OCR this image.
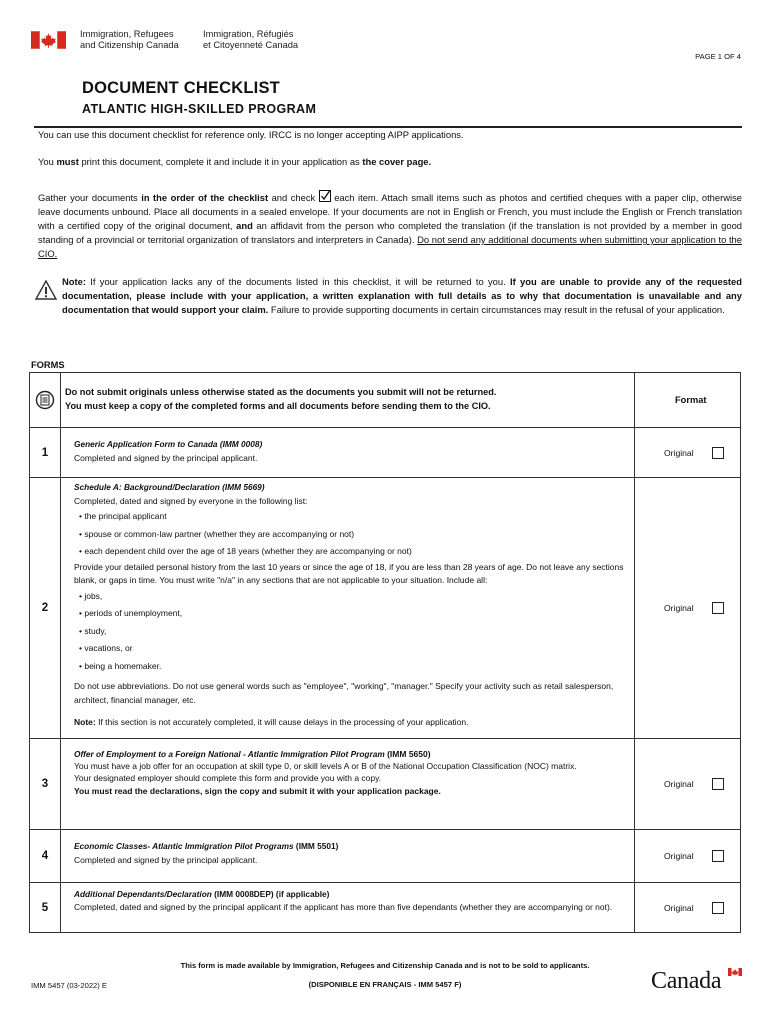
Immigration, Refugees
and Citizenship Canada
Immigration, Réfugiés
et Citoyenneté Canada
PAGE 1 OF 4
DOCUMENT CHECKLIST
ATLANTIC HIGH-SKILLED PROGRAM
You can use this document checklist for reference only. IRCC is no longer accepting AIPP applications.
You must print this document, complete it and include it in your application as the cover page.
Gather your documents in the order of the checklist and check  each item. Attach small items such as photos and certified cheques with a paper clip, otherwise leave documents unbound. Place all documents in a sealed envelope. If your documents are not in English or French, you must include the English or French translation with a certified copy of the original document, and an affidavit from the person who completed the translation (if the translation is not provided by a member in good standing of a provincial or territorial organization of translators and interpreters in Canada). Do not send any additional documents when submitting your application to the CIO.
Note: If your application lacks any of the documents listed in this checklist, it will be returned to you. If you are unable to provide any of the requested documentation, please include with your application, a written explanation with full details as to why that documentation is unavailable and any documentation that would support your claim. Failure to provide supporting documents in certain circumstances may result in the refusal of your application.
FORMS
Do not submit originals unless otherwise stated as the documents you submit will not be returned.
You must keep a copy of the completed forms and all documents before sending them to the CIO.
Format
1
Generic Application Form to Canada (IMM 0008)
Completed and signed by the principal applicant.
Original
2
Schedule A: Background/Declaration (IMM 5669)
Completed, dated and signed by everyone in the following list:
• the principal applicant
• spouse or common-law partner (whether they are accompanying or not)
• each dependent child over the age of 18 years (whether they are accompanying or not)
Provide your detailed personal history from the last 10 years or since the age of 18, if you are less than 28 years of age. Do not leave any sections blank, or gaps in time. You must write "n/a" in any sections that are not applicable to your situation. Include all:
• jobs,
• periods of unemployment,
• study,
• vacations, or
• being a homemaker.
Do not use abbreviations. Do not use general words such as "employee", "working", "manager." Specify your activity such as retail salesperson, architect, financial manager, etc.
Note: If this section is not accurately completed, it will cause delays in the processing of your application.
Original
3
Offer of Employment to a Foreign National - Atlantic Immigration Pilot Program (IMM 5650)
You must have a job offer for an occupation at skill type 0, or skill levels A or B of the National Occupation Classification (NOC) matrix.
Your designated employer should complete this form and provide you with a copy.
You must read the declarations, sign the copy and submit it with your application package.
Original
4
Economic Classes- Atlantic Immigration Pilot Programs (IMM 5501)
Completed and signed by the principal applicant.	Original
5
Additional Dependants/Declaration (IMM 0008DEP) (if applicable)
Completed, dated and signed by the principal applicant if the applicant has more than five dependants (whether they are accompanying or not).	Original
This form is made available by Immigration, Refugees and Citizenship Canada and is not to be sold to applicants.
(DISPONIBLE EN FRANÇAIS - IMM 5457 F)
IMM 5457 (03-2022) E	Canada
